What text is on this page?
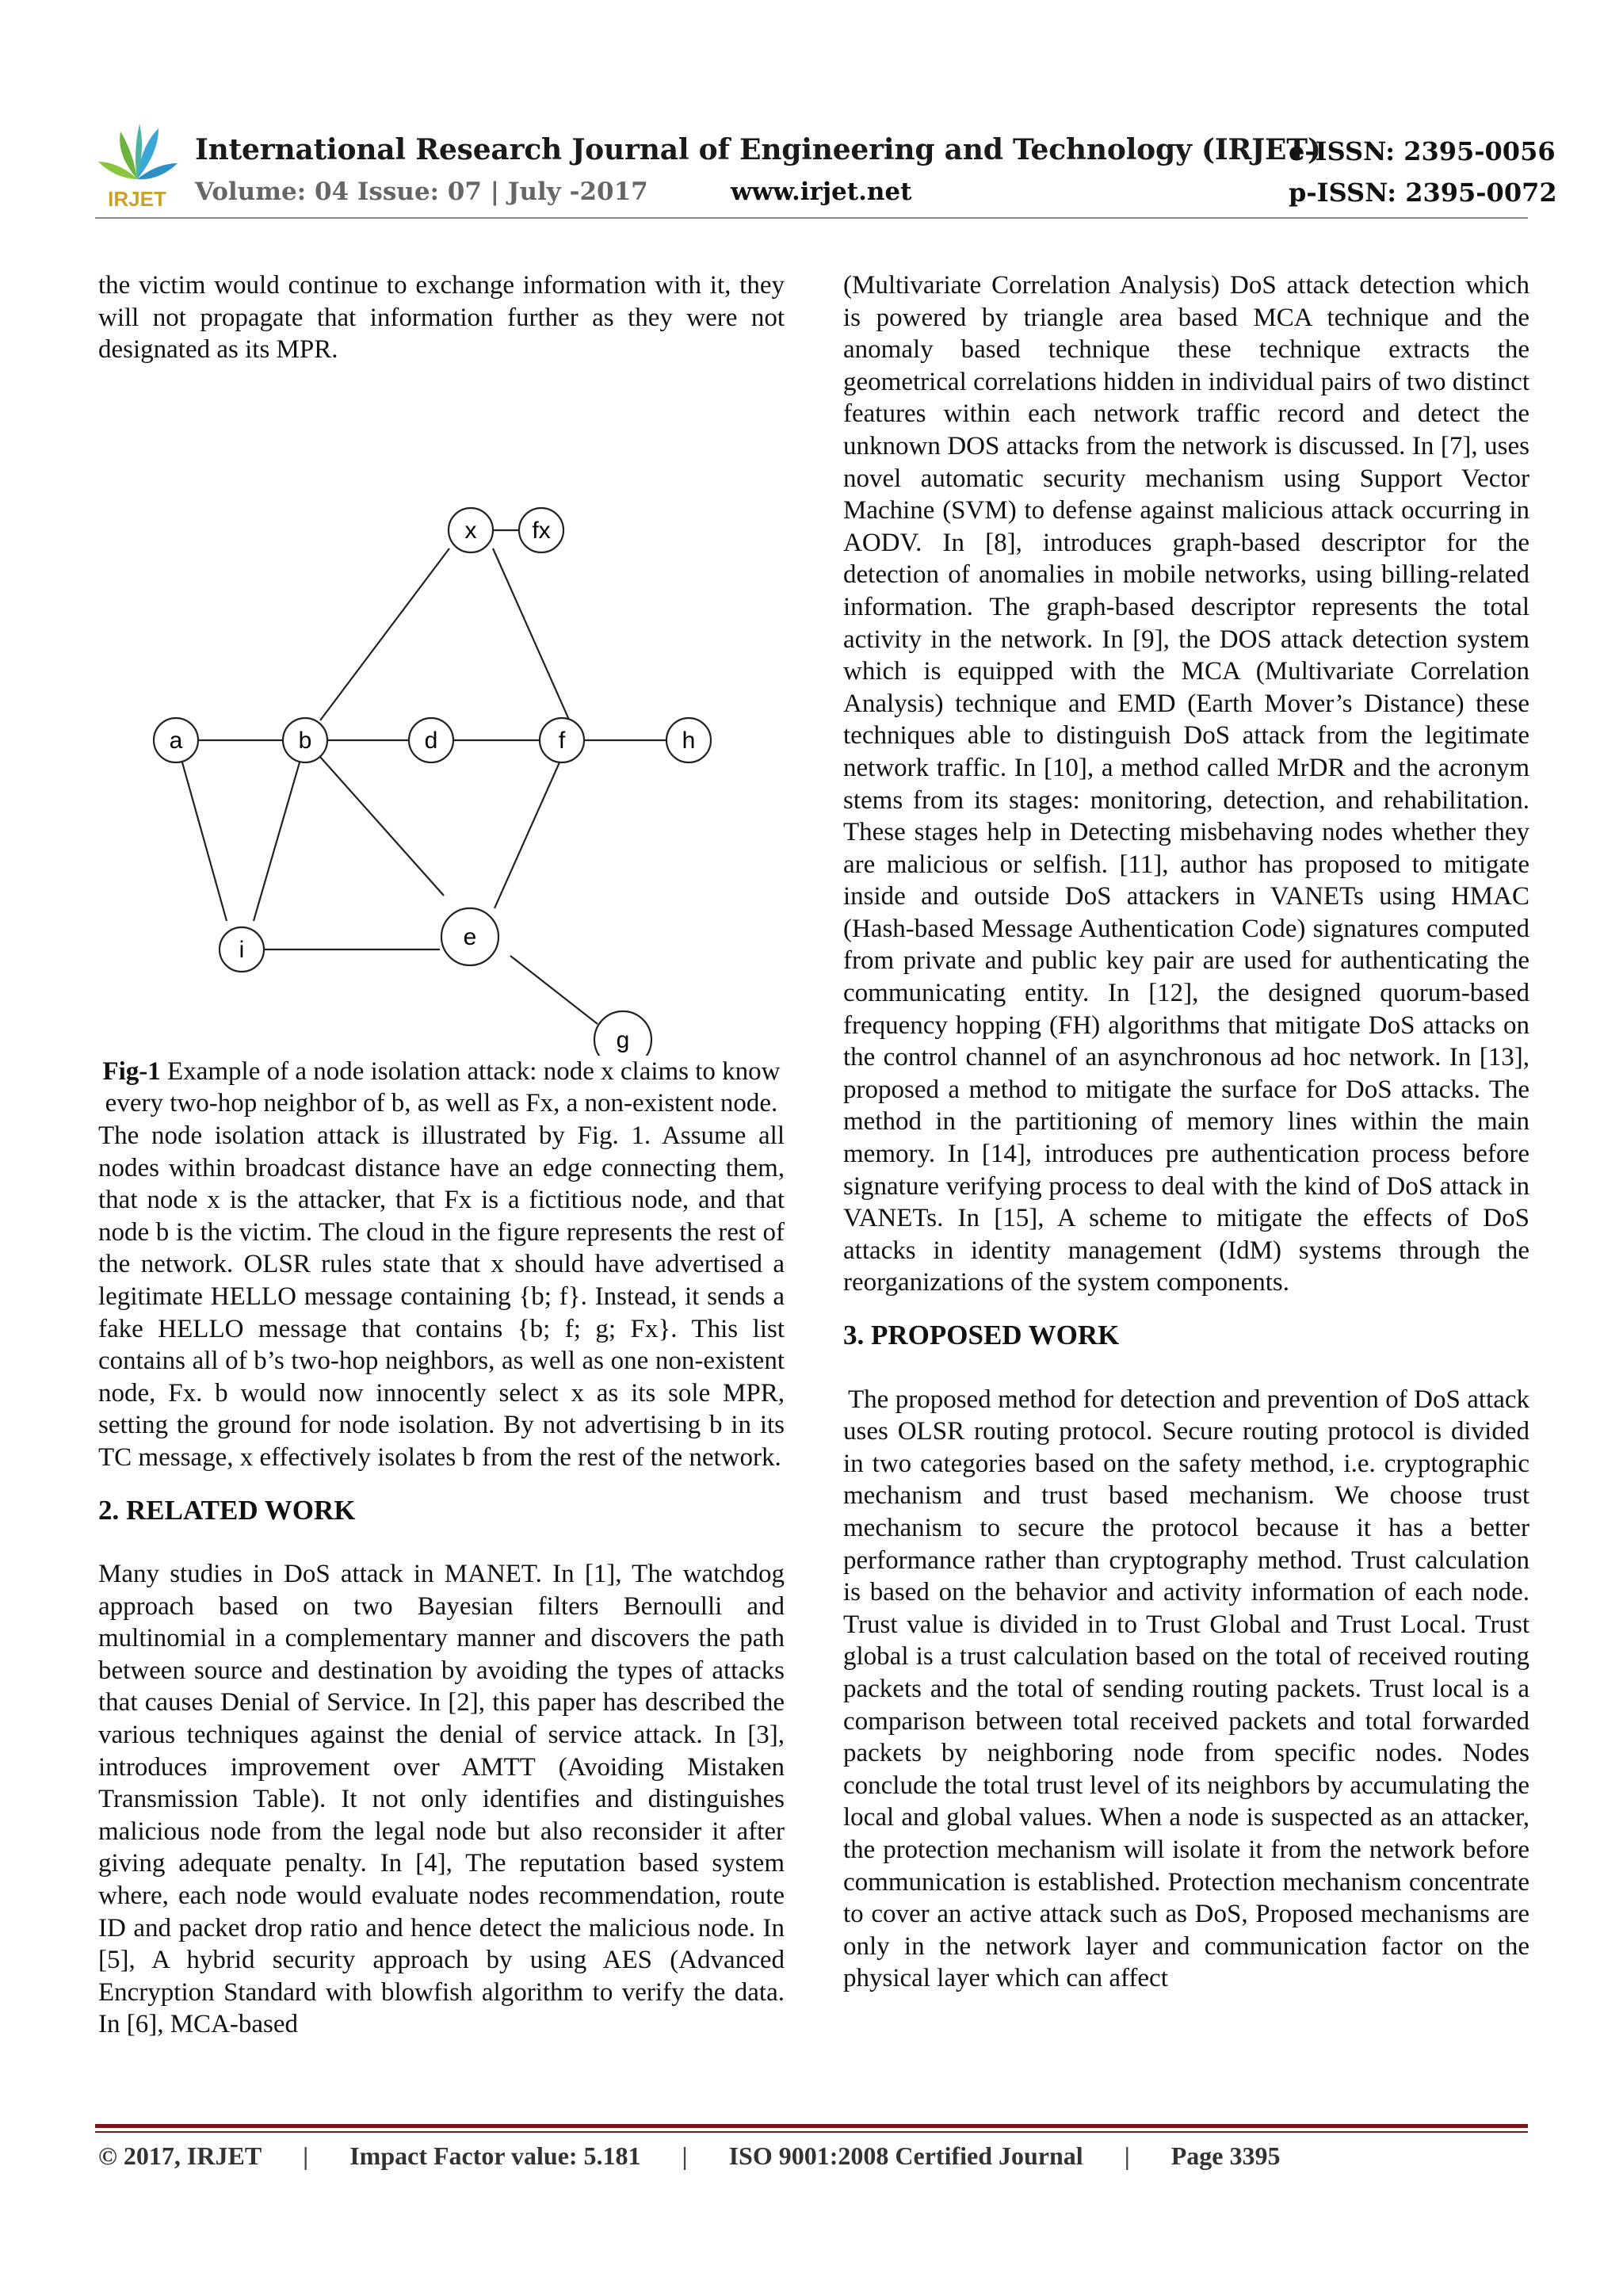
IRJET
International Research Journal of Engineering and Technology (IRJET)
e-ISSN: 2395-0056
Volume: 04 Issue: 07 | July -2017	www.irjet.net	p-ISSN: 2395-0072

the victim would continue to exchange information with it, they will not propagate that information further as they were not designated as its MPR.

x fx
a	b	d	f	h
i	e
g

Fig-1 Example of a node isolation attack: node x claims to know every two-hop neighbor of b, as well as Fx, a non-existent node.

The node isolation attack is illustrated by Fig. 1. Assume all nodes within broadcast distance have an edge connecting them, that node x is the attacker, that Fx is a fictitious node, and that node b is the victim. The cloud in the figure represents the rest of the network. OLSR rules state that x should have advertised a legitimate HELLO message containing {b; f}. Instead, it sends a fake HELLO message that contains {b; f; g; Fx}. This list contains all of b’s two-hop neighbors, as well as one non-existent node, Fx. b would now innocently select x as its sole MPR, setting the ground for node isolation. By not advertising b in its TC message, x effectively isolates b from the rest of the network.

2. RELATED WORK

Many studies in DoS attack in MANET. In [1], The watchdog approach based on two Bayesian filters Bernoulli and multinomial in a complementary manner and discovers the path between source and destination by avoiding the types of attacks that causes Denial of Service. In [2], this paper has described the various techniques against the denial of service attack. In [3], introduces improvement over AMTT (Avoiding Mistaken Transmission Table). It not only identifies and distinguishes malicious node from the legal node but also reconsider it after giving adequate penalty. In [4], The reputation based system where, each node would evaluate nodes recommendation, route ID and packet drop ratio and hence detect the malicious node. In [5], A hybrid security approach by using AES (Advanced Encryption Standard with blowfish algorithm to verify the data. In [6], MCA-based

(Multivariate Correlation Analysis) DoS attack detection which is powered by triangle area based MCA technique and the anomaly based technique these technique extracts the geometrical correlations hidden in individual pairs of two distinct features within each network traffic record and detect the unknown DOS attacks from the network is discussed. In [7], uses novel automatic security mechanism using Support Vector Machine (SVM) to defense against malicious attack occurring in AODV. In [8], introduces graph-based descriptor for the detection of anomalies in mobile networks, using billing-related information. The graph-based descriptor represents the total activity in the network. In [9], the DOS attack detection system which is equipped with the MCA (Multivariate Correlation Analysis) technique and EMD (Earth Mover’s Distance) these techniques able to distinguish DoS attack from the legitimate network traffic. In [10], a method called MrDR and the acronym stems from its stages: monitoring, detection, and rehabilitation. These stages help in Detecting misbehaving nodes whether they are malicious or selfish. [11], author has proposed to mitigate inside and outside DoS attackers in VANETs using HMAC (Hash-based Message Authentication Code) signatures computed from private and public key pair are used for authenticating the communicating entity. In [12], the designed quorum-based frequency hopping (FH) algorithms that mitigate DoS attacks on the control channel of an asynchronous ad hoc network. In [13], proposed a method to mitigate the surface for DoS attacks. The method in the partitioning of memory lines within the main memory. In [14], introduces pre authentication process before signature verifying process to deal with the kind of DoS attack in VANETs. In [15], A scheme to mitigate the effects of DoS attacks in identity management (IdM) systems through the reorganizations of the system components.

3. PROPOSED WORK

The proposed method for detection and prevention of DoS attack uses OLSR routing protocol. Secure routing protocol is divided in two categories based on the safety method, i.e. cryptographic mechanism and trust based mechanism. We choose trust mechanism to secure the protocol because it has a better performance rather than cryptography method. Trust calculation is based on the behavior and activity information of each node. Trust value is divided in to Trust Global and Trust Local. Trust global is a trust calculation based on the total of received routing packets and the total of sending routing packets. Trust local is a comparison between total received packets and total forwarded packets by neighboring node from specific nodes. Nodes conclude the total trust level of its neighbors by accumulating the local and global values. When a node is suspected as an attacker, the protection mechanism will isolate it from the network before communication is established. Protection mechanism concentrate to cover an active attack such as DoS, Proposed mechanisms are only in the network layer and communication factor on the physical layer which can affect

© 2017, IRJET | Impact Factor value: 5.181 | ISO 9001:2008 Certified Journal | Page 3395
